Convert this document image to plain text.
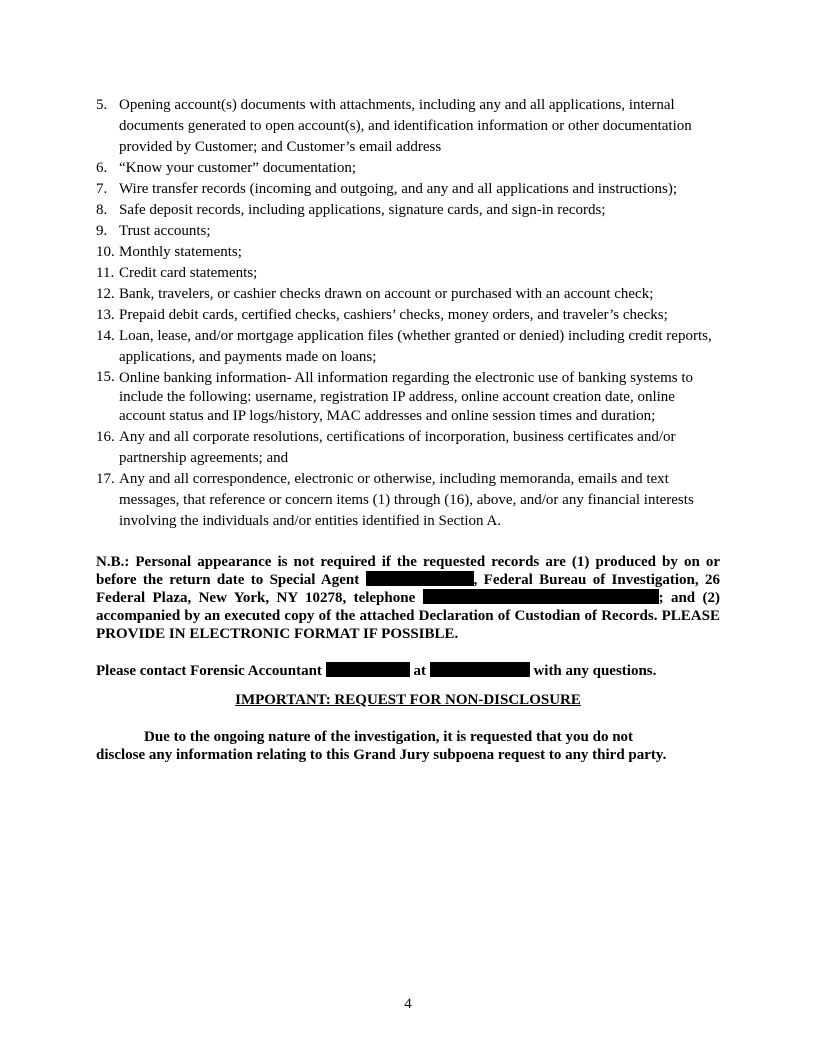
5. Opening account(s) documents with attachments, including any and all applications, internal documents generated to open account(s), and identification information or other documentation provided by Customer; and Customer’s email address
6. “Know your customer” documentation;
7. Wire transfer records (incoming and outgoing, and any and all applications and instructions);
8. Safe deposit records, including applications, signature cards, and sign-in records;
9. Trust accounts;
10. Monthly statements;
11. Credit card statements;
12. Bank, travelers, or cashier checks drawn on account or purchased with an account check;
13. Prepaid debit cards, certified checks, cashiers’ checks, money orders, and traveler’s checks;
14. Loan, lease, and/or mortgage application files (whether granted or denied) including credit reports, applications, and payments made on loans;
15. Online banking information- All information regarding the electronic use of banking systems to include the following: username, registration IP address, online account creation date, online account status and IP logs/history, MAC addresses and online session times and duration;
16. Any and all corporate resolutions, certifications of incorporation, business certificates and/or partnership agreements; and
17. Any and all correspondence, electronic or otherwise, including memoranda, emails and text messages, that reference or concern items (1) through (16), above, and/or any financial interests involving the individuals and/or entities identified in Section A.
N.B.: Personal appearance is not required if the requested records are (1) produced by on or before the return date to Special Agent	, Federal Bureau of Investigation, 26 Federal Plaza, New York, NY 10278, telephone	; and (2) accompanied by an executed copy of the attached Declaration of Custodian of Records. PLEASE PROVIDE IN ELECTRONIC FORMAT IF POSSIBLE.
Please contact Forensic Accountant	at	with any questions.
IMPORTANT: REQUEST FOR NON-DISCLOSURE
Due to the ongoing nature of the investigation, it is requested that you do not
disclose any information relating to this Grand Jury subpoena request to any third party.
4
